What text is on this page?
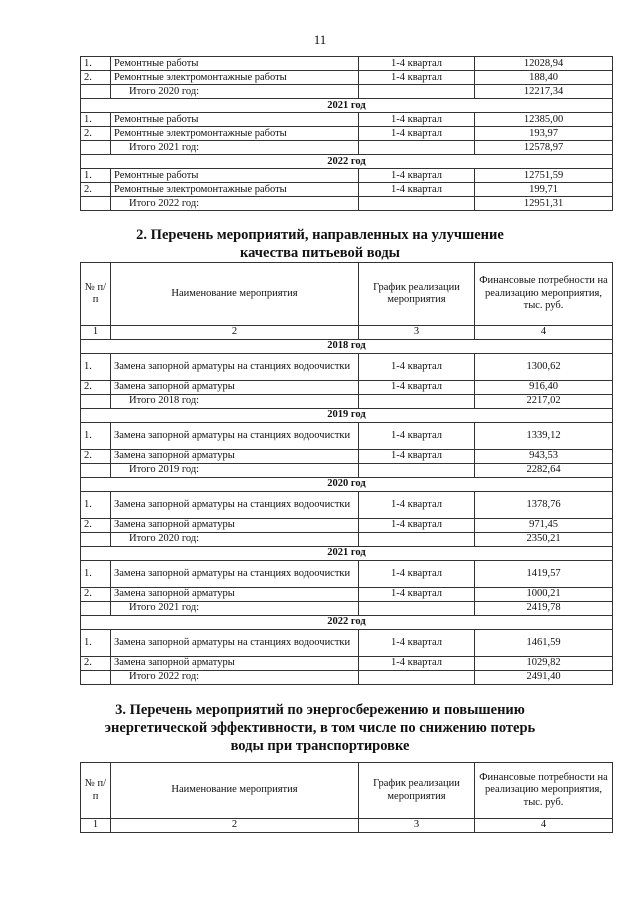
11
1.	Ремонтные работы	1-4 квартал	12028,94
2.	Ремонтные электромонтажные работы	1-4 квартал	188,40
	Итого 2020 год:		12217,34
2021 год			
1.	Ремонтные работы	1-4 квартал	12385,00
2.	Ремонтные электромонтажные работы	1-4 квартал	193,97
	Итого 2021 год:		12578,97
2022 год			
1.	Ремонтные работы	1-4 квартал	12751,59
2.	Ремонтные электромонтажные работы	1-4 квартал	199,71
	Итого 2022 год:		12951,31
2. Перечень мероприятий, направленных на улучшение
качества питьевой воды
№ п/п	Наименование мероприятия	График реализации мероприятия	Финансовые потребности на реализацию мероприятия, тыс. руб.
1	2	3	4
2018 год			
1.	Замена запорной арматуры на станциях водоочистки	1-4 квартал	1300,62
2.	Замена запорной арматуры	1-4 квартал	916,40
	Итого 2018 год:		2217,02
2019 год			
1.	Замена запорной арматуры на станциях водоочистки	1-4 квартал	1339,12
2.	Замена запорной арматуры	1-4 квартал	943,53
	Итого 2019 год:		2282,64
2020 год			
1.	Замена запорной арматуры на станциях водоочистки	1-4 квартал	1378,76
2.	Замена запорной арматуры	1-4 квартал	971,45
	Итого 2020 год:		2350,21
2021 год			
1.	Замена запорной арматуры на станциях водоочистки	1-4 квартал	1419,57
2.	Замена запорной арматуры	1-4 квартал	1000,21
	Итого 2021 год:		2419,78
2022 год			
1.	Замена запорной арматуры на станциях водоочистки	1-4 квартал	1461,59
2.	Замена запорной арматуры	1-4 квартал	1029,82
	Итого 2022 год:		2491,40
3. Перечень мероприятий по энергосбережению и повышению
энергетической эффективности, в том числе по снижению потерь
воды при транспортировке
№ п/п	Наименование мероприятия	График реализации мероприятия	Финансовые потребности на реализацию мероприятия, тыс. руб.
1	2	3	4
